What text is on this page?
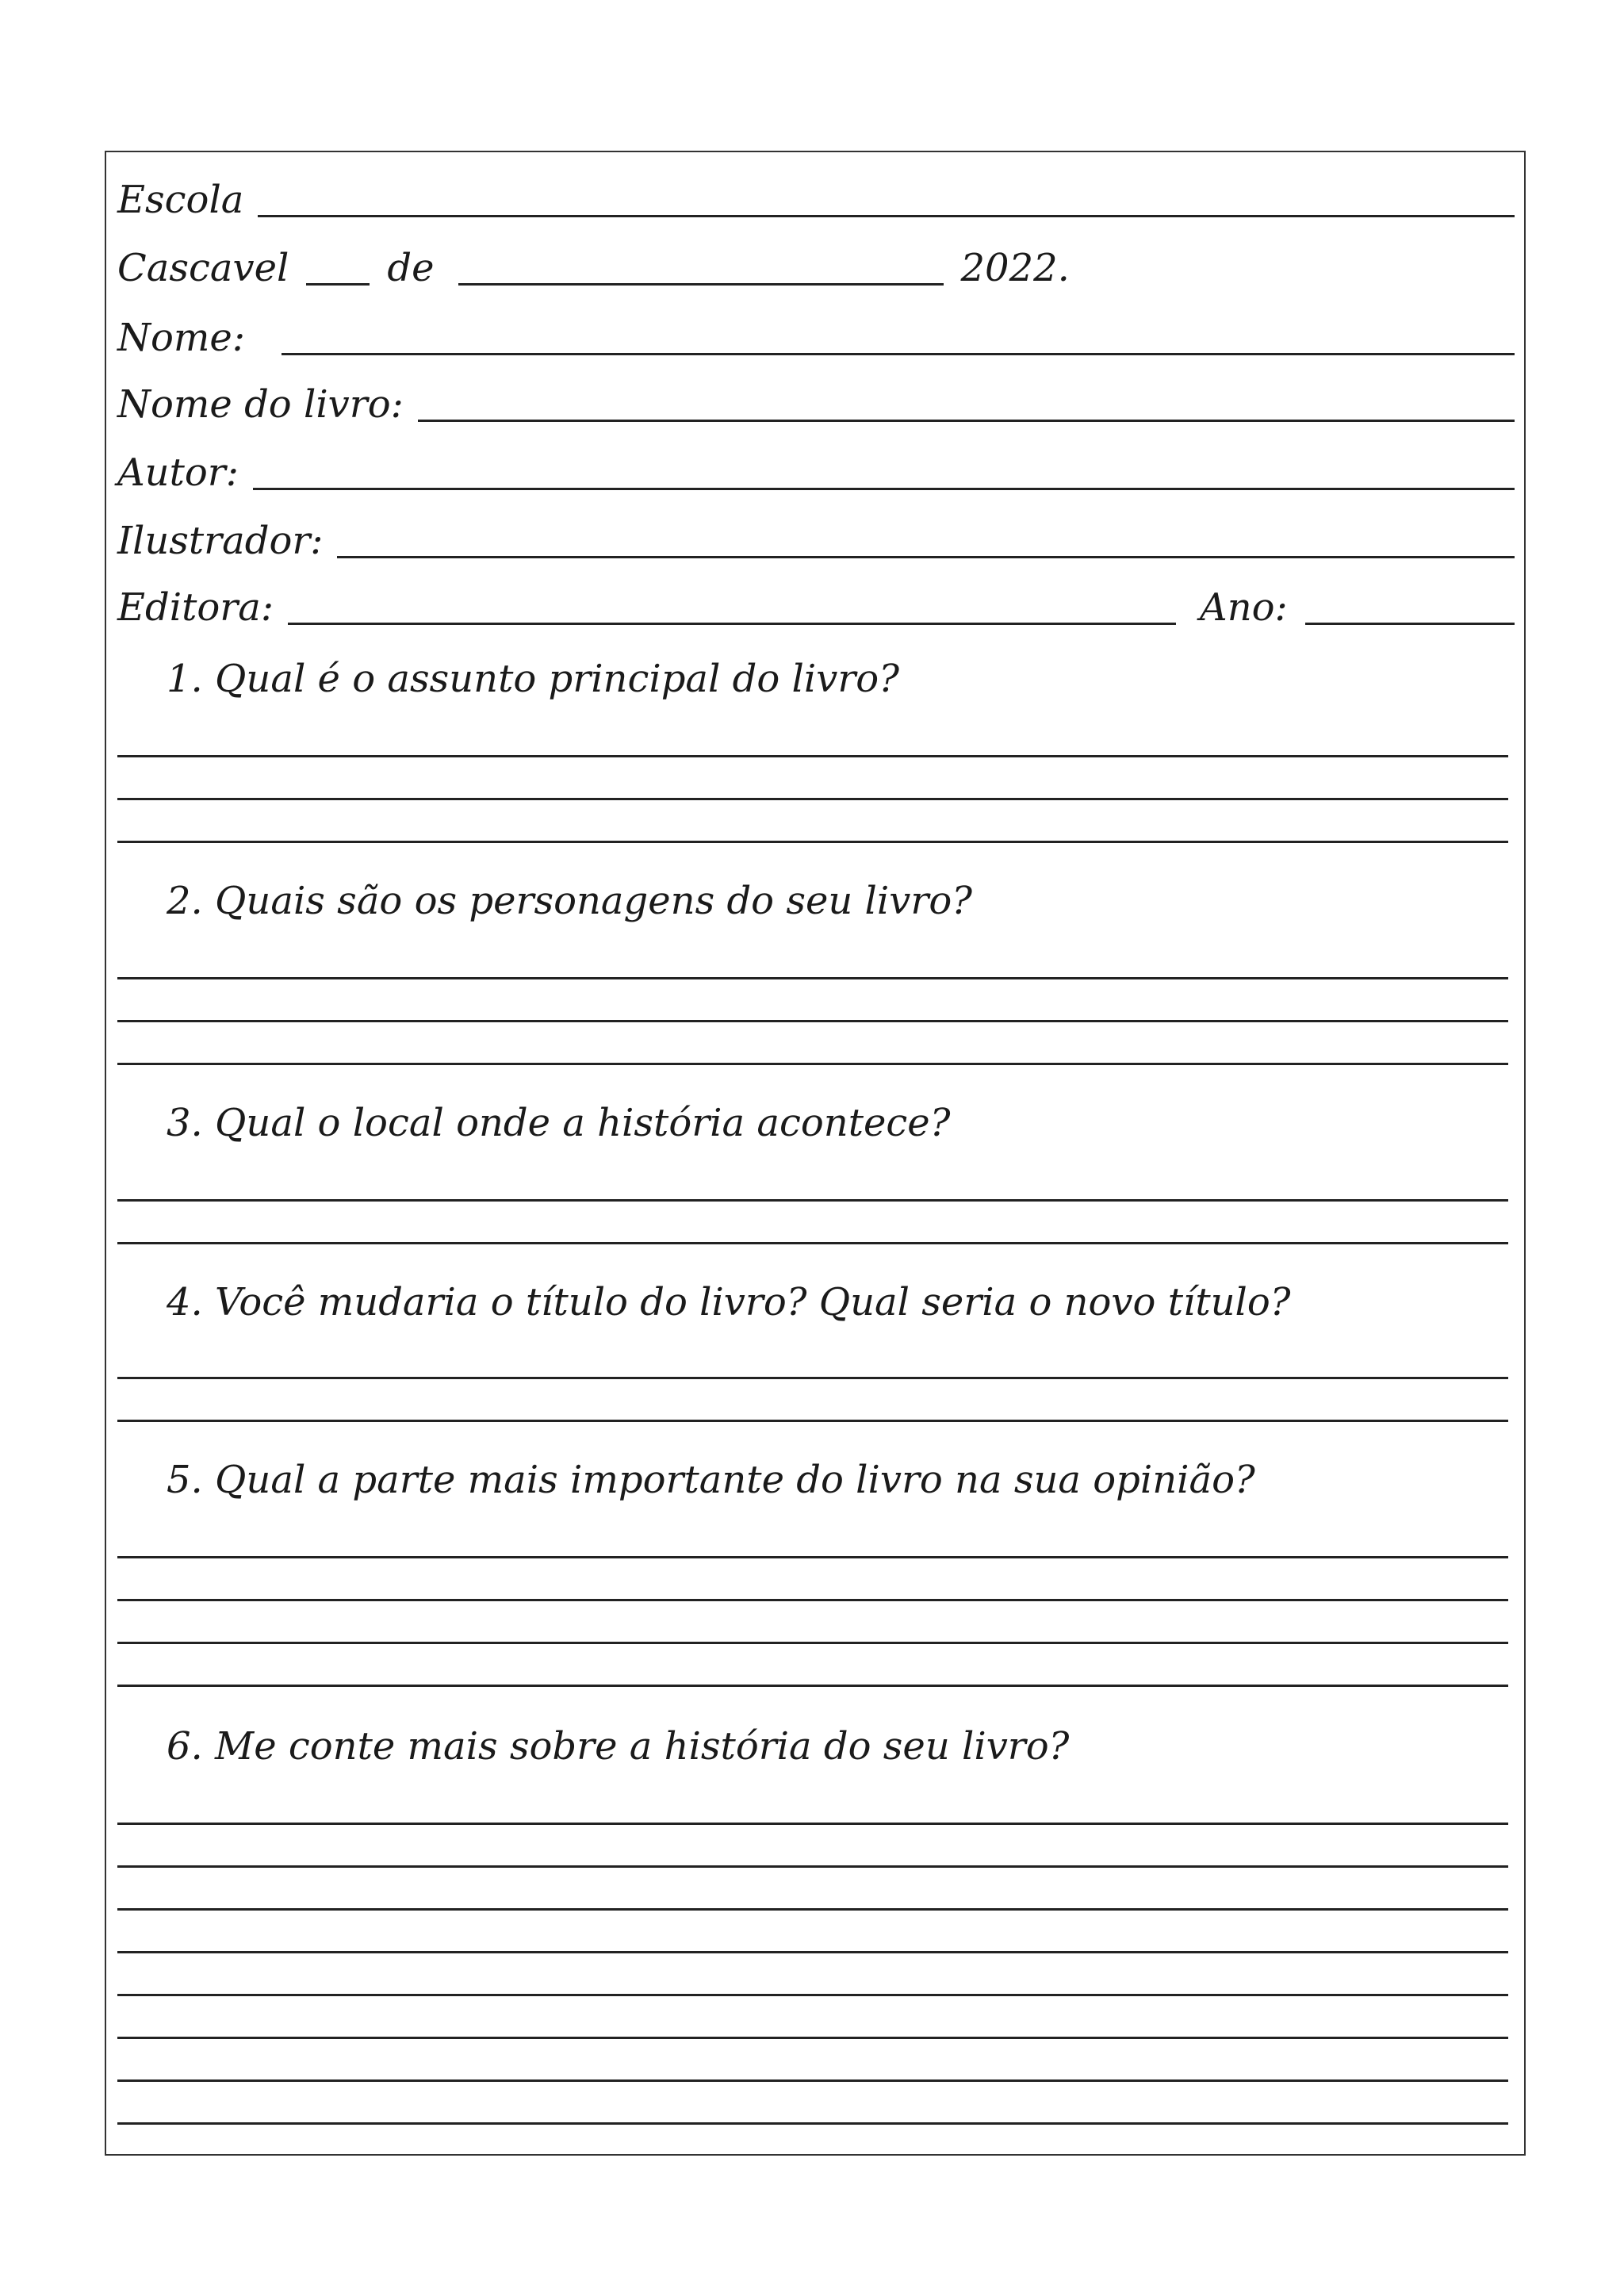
Escola
Cascavel	de	2022.
Nome:
Nome do livro:
Autor:
Ilustrador:
Editora:	Ano:
1. Qual é o assunto principal do livro?
2. Quais são os personagens do seu livro?
3. Qual o local onde a história acontece?
4. Você mudaria o título do livro? Qual seria o novo título?
5. Qual a parte mais importante do livro na sua opinião?
6. Me conte mais sobre a história do seu livro?
